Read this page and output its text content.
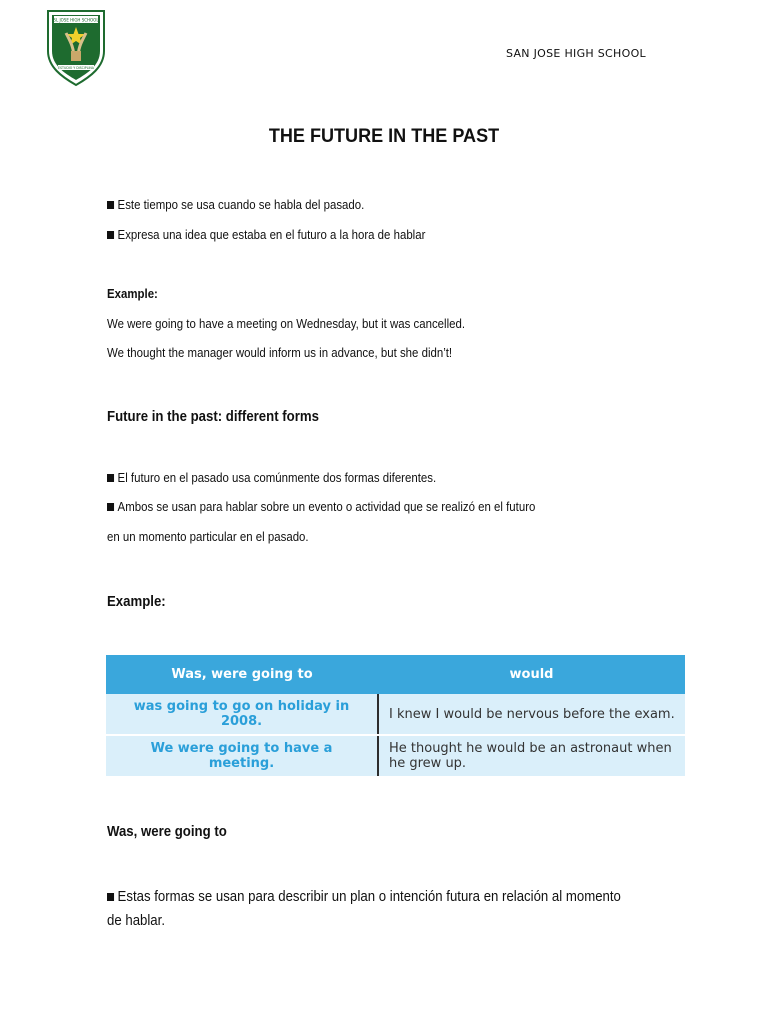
SL JOSE HIGH SCHOOL
ESTUDIO Y DISCIPLINA
SAN JOSE HIGH SCHOOL
THE FUTURE IN THE PAST
Este tiempo se usa cuando se habla del pasado.
Expresa una idea que estaba en el futuro a la hora de hablar
Example:
We were going to have a meeting on Wednesday, but it was cancelled.
We thought the manager would inform us in advance, but she didn’t!
Future in the past: different forms
El futuro en el pasado usa comúnmente dos formas diferentes.
Ambos se usan para hablar sobre un evento o actividad que se realizó en el futuro
en un momento particular en el pasado.
Example:
Was, were going to	would
was going to go on holiday in 2008.	I knew I would be nervous before the exam.
We were going to have a meeting.	He thought he would be an astronaut when he grew up.
Was, were going to
Estas formas se usan para describir un plan o intención futura en relación al momento
de hablar.
